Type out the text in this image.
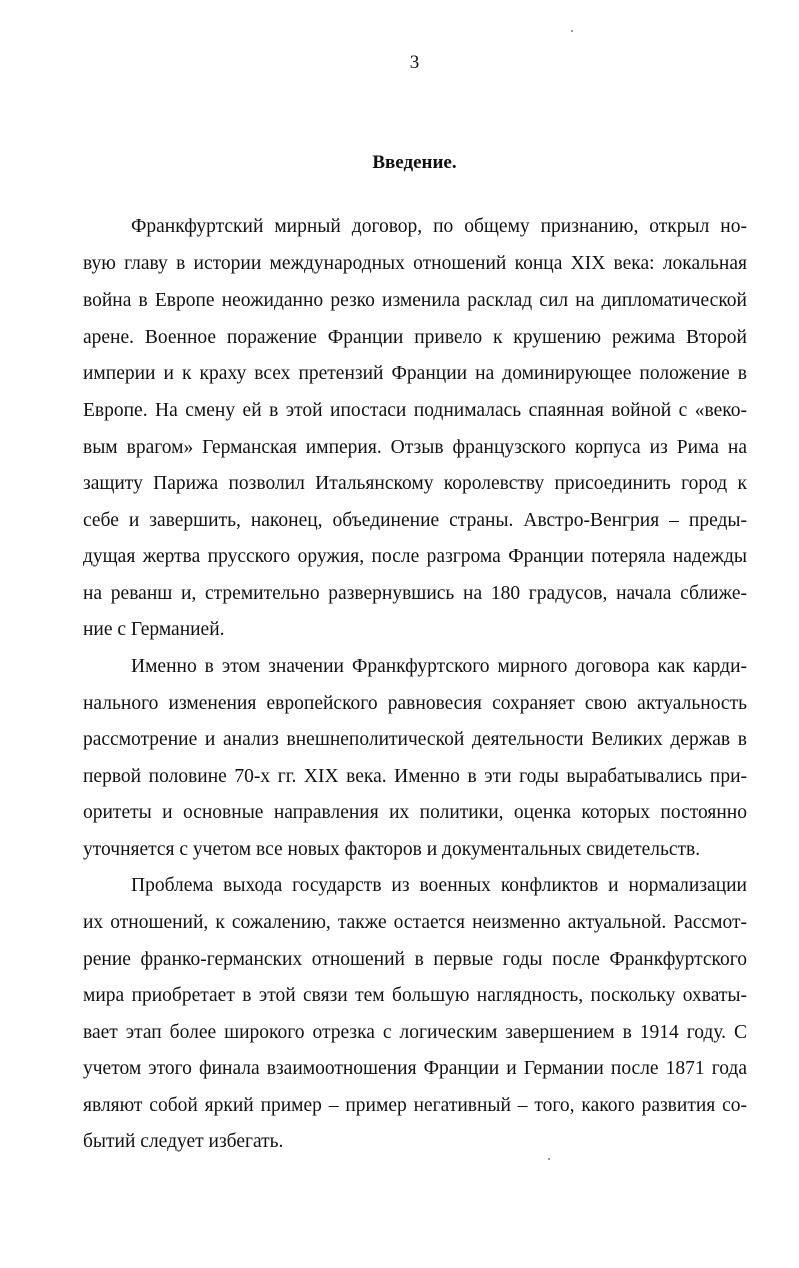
3
Введение.
Франкфуртский мирный договор, по общему признанию, открыл но-
вую главу в истории международных отношений конца XIX века: локальная
война в Европе неожиданно резко изменила расклад сил на дипломатической
арене. Военное поражение Франции привело к крушению режима Второй
империи и к краху всех претензий Франции на доминирующее положение в
Европе. На смену ей в этой ипостаси поднималась спаянная войной с «веко-
вым врагом» Германская империя. Отзыв французского корпуса из Рима на
защиту Парижа позволил Итальянскому королевству присоединить город к
себе и завершить, наконец, объединение страны. Австро-Венгрия – преды-
дущая жертва прусского оружия, после разгрома Франции потеряла надежды
на реванш и, стремительно развернувшись на 180 градусов, начала сближе-
ние с Германией.
Именно в этом значении Франкфуртского мирного договора как карди-
нального изменения европейского равновесия сохраняет свою актуальность
рассмотрение и анализ внешнеполитической деятельности Великих держав в
первой половине 70-х гг. XIX века. Именно в эти годы вырабатывались при-
оритеты и основные направления их политики, оценка которых постоянно
уточняется с учетом все новых факторов и документальных свидетельств.
Проблема выхода государств из военных конфликтов и нормализации
их отношений, к сожалению, также остается неизменно актуальной. Рассмот-
рение франко-германских отношений в первые годы после Франкфуртского
мира приобретает в этой связи тем большую наглядность, поскольку охваты-
вает этап более широкого отрезка с логическим завершением в 1914 году. С
учетом этого финала взаимоотношения Франции и Германии после 1871 года
являют собой яркий пример – пример негативный – того, какого развития со-
бытий следует избегать.
